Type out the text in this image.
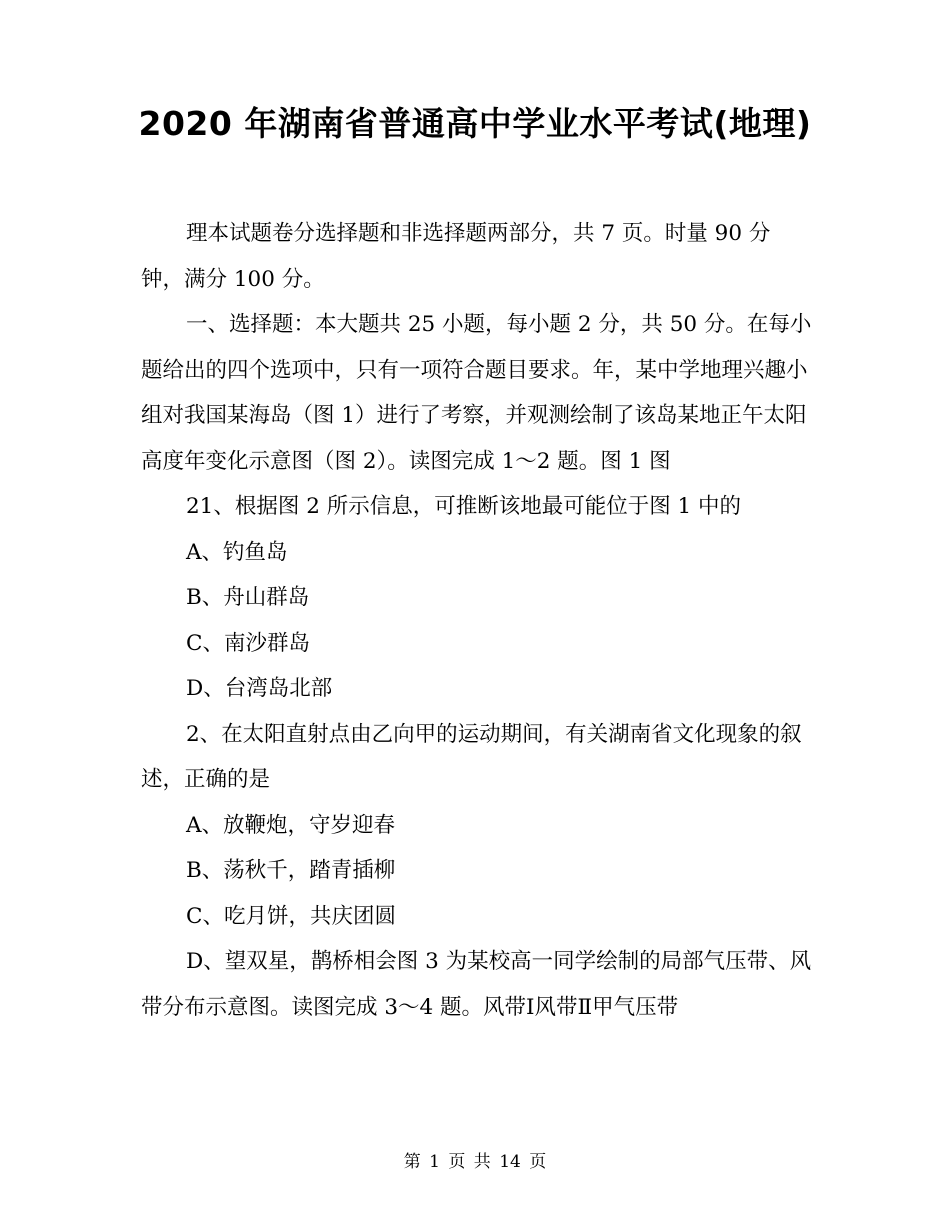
2020 年湖南省普通高中学业水平考试(地理)

理本试题卷分选择题和非选择题两部分，共 7 页。时量 90 分钟，满分 100 分。

一、选择题：本大题共 25 小题，每小题 2 分，共 50 分。在每小题给出的四个选项中，只有一项符合题目要求。年，某中学地理兴趣小组对我国某海岛（图 1）进行了考察，并观测绘制了该岛某地正午太阳高度年变化示意图（图 2）。读图完成 1～2 题。图 1 图

21、根据图 2 所示信息，可推断该地最可能位于图 1 中的

A、钓鱼岛

B、舟山群岛

C、南沙群岛

D、台湾岛北部

2、在太阳直射点由乙向甲的运动期间，有关湖南省文化现象的叙述，正确的是

A、放鞭炮，守岁迎春

B、荡秋千，踏青插柳

C、吃月饼，共庆团圆

D、望双星，鹊桥相会图 3 为某校高一同学绘制的局部气压带、风带分布示意图。读图完成 3～4 题。风带Ⅰ风带Ⅱ甲气压带

第 1 页 共 14 页
